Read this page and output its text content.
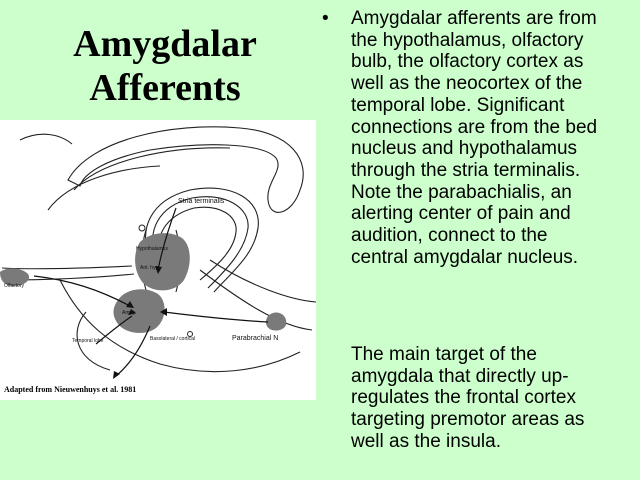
Amygdalar
Afferents
Stria terminalis
Parabrachial N
Temporal lobe
Ant. hyp.
Amyg.
Olfactory
Basolateral / cortical
Hypothalamus
Adapted from Nieuwenhuys et al. 1981
• Amygdalar afferents are from
the hypothalamus, olfactory
bulb, the olfactory cortex as
well as the neocortex of the
temporal lobe. Significant
connections are from the bed
nucleus and hypothalamus
through the stria terminalis.
Note the parabachialis, an
alerting center of pain and
audition, connect to the
central amygdalar nucleus.

The main target of the
amygdala that directly up-
regulates the frontal cortex
targeting premotor areas as
well as the insula.
